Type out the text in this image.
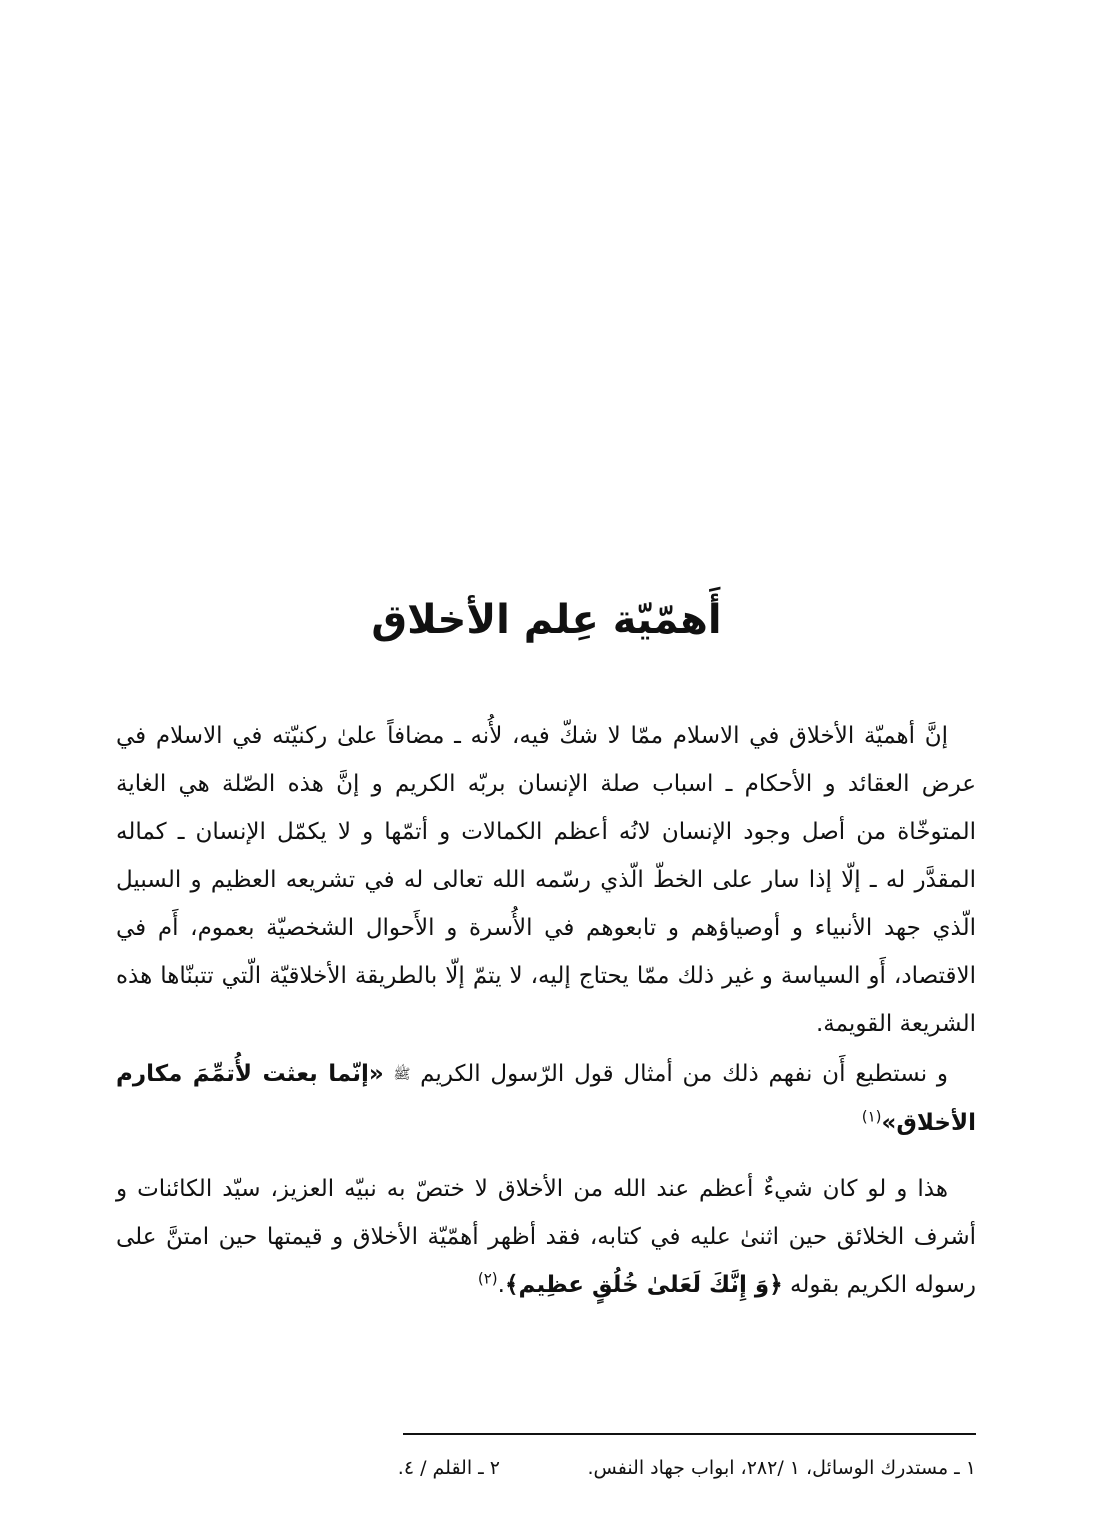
أَهمّيّة عِلم الأخلاق

إنَّ أهميّة الأخلاق في الاسلام ممّا لا شكّ فيه، لأُنه ـ مضافاً علىٰ ركنيّته في الاسلام في عرض العقائد و الأحكام ـ اسباب صلة الإنسان بربّه الكريم و إنَّ هذه الصّلة هي الغاية المتوخّاة من أصل وجود الإنسان لانُه أعظم الكمالات و أتمّها و لا يكمّل الإنسان ـ كماله المقدَّر له ـ إلّا إذا سار على الخطّ الّذي رسّمه الله تعالى له في تشريعه العظيم و السبيل الّذي جهد الأنبياء و أوصياؤهم و تابعوهم في الأُسرة و الأَحوال الشخصيّة بعموم، أَم في الاقتصاد، أَو السياسة و غير ذلك ممّا يحتاج إليه، لا يتمّ إلّا بالطريقة الأخلاقيّة الّتي تتبنّاها هذه الشريعة القويمة.

و نستطيع أَن نفهم ذلك من أمثال قول الرّسول الكريم ﷺ «إنّما بعثت لأُتمِّمَ مكارم الأخلاق»$^{(١)}$

هذا و لو كان شيءٌ أعظم عند الله من الأخلاق لا ختصّ به نبيّه العزيز، سيّد الكائنات و أشرف الخلائق حين اثنىٰ عليه في كتابه، فقد أظهر أهمّيّة الأخلاق و قيمتها حين امتنَّ على رسوله الكريم بقوله ﴿وَ إِنَّكَ لَعَلىٰ خُلُقٍ عظِيم﴾.$^{(٢)}$

١ ـ مستدرك الوسائل، ١ /٢٨٢، ابواب جهاد النفس.
٢ ـ القلم / ٤.
